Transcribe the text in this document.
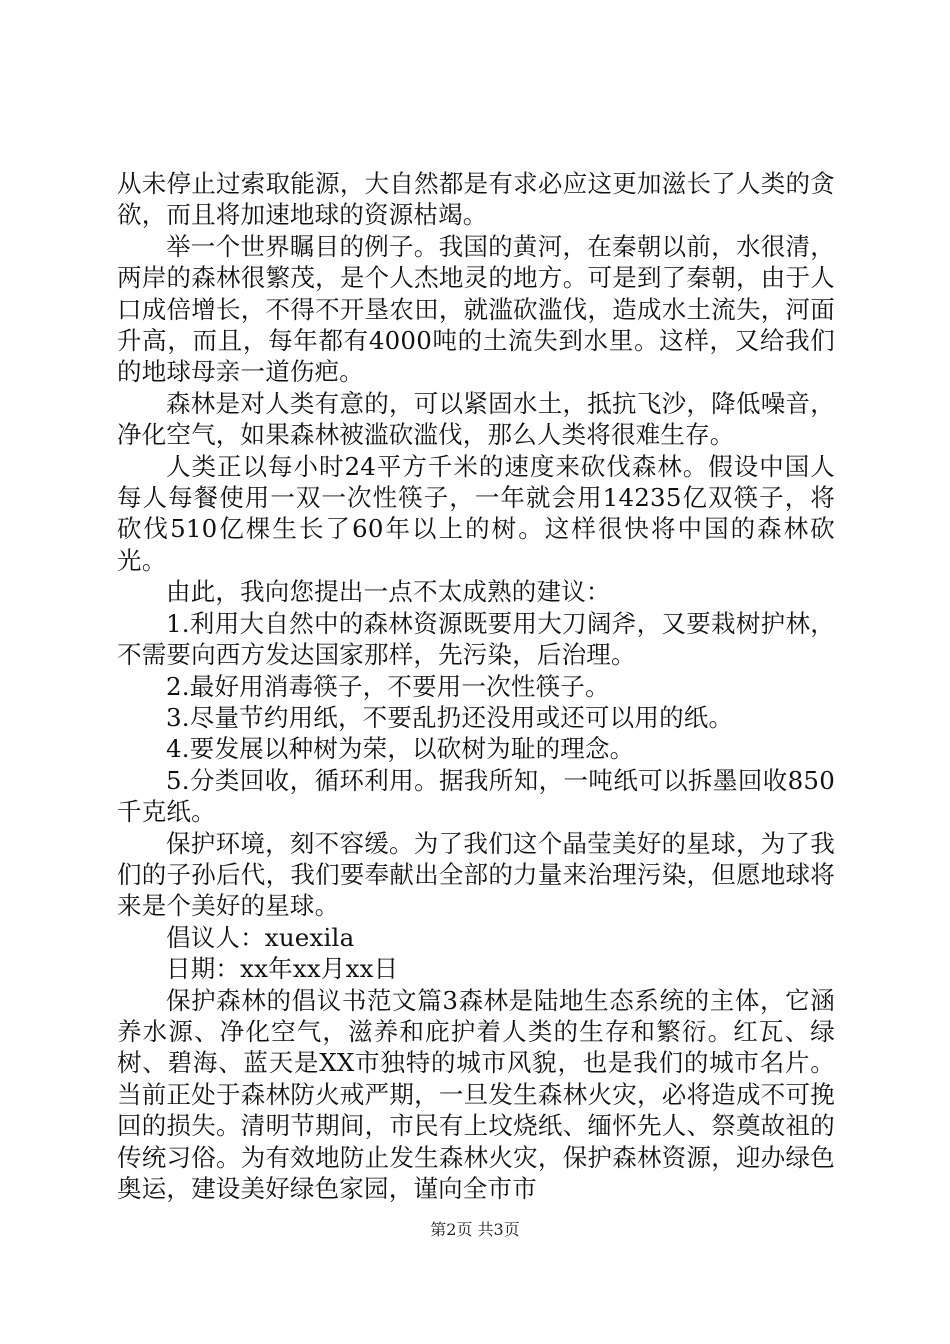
从未停止过索取能源，大自然都是有求必应这更加滋长了人类的贪欲，而且将加速地球的资源枯竭。

举一个世界瞩目的例子。我国的黄河，在秦朝以前，水很清，两岸的森林很繁茂，是个人杰地灵的地方。可是到了秦朝，由于人口成倍增长，不得不开垦农田，就滥砍滥伐，造成水土流失，河面升高，而且，每年都有4000吨的土流失到水里。这样，又给我们的地球母亲一道伤疤。

森林是对人类有意的，可以紧固水土，抵抗飞沙，降低噪音，净化空气，如果森林被滥砍滥伐，那么人类将很难生存。

人类正以每小时24平方千米的速度来砍伐森林。假设中国人每人每餐使用一双一次性筷子，一年就会用14235亿双筷子，将砍伐510亿棵生长了60年以上的树。这样很快将中国的森林砍光。

由此，我向您提出一点不太成熟的建议：

1.利用大自然中的森林资源既要用大刀阔斧，又要栽树护林，不需要向西方发达国家那样，先污染，后治理。

2.最好用消毒筷子，不要用一次性筷子。

3.尽量节约用纸，不要乱扔还没用或还可以用的纸。

4.要发展以种树为荣，以砍树为耻的理念。

5.分类回收，循环利用。据我所知，一吨纸可以拆墨回收850千克纸。

保护环境，刻不容缓。为了我们这个晶莹美好的星球，为了我们的子孙后代，我们要奉献出全部的力量来治理污染，但愿地球将来是个美好的星球。

倡议人：xuexila

日期：xx年xx月xx日

保护森林的倡议书范文篇3森林是陆地生态系统的主体，它涵养水源、净化空气，滋养和庇护着人类的生存和繁衍。红瓦、绿树、碧海、蓝天是XX市独特的城市风貌，也是我们的城市名片。当前正处于森林防火戒严期，一旦发生森林火灾，必将造成不可挽回的损失。清明节期间，市民有上坟烧纸、缅怀先人、祭奠故祖的传统习俗。为有效地防止发生森林火灾，保护森林资源，迎办绿色奥运，建设美好绿色家园，谨向全市市

第2页 共3页
